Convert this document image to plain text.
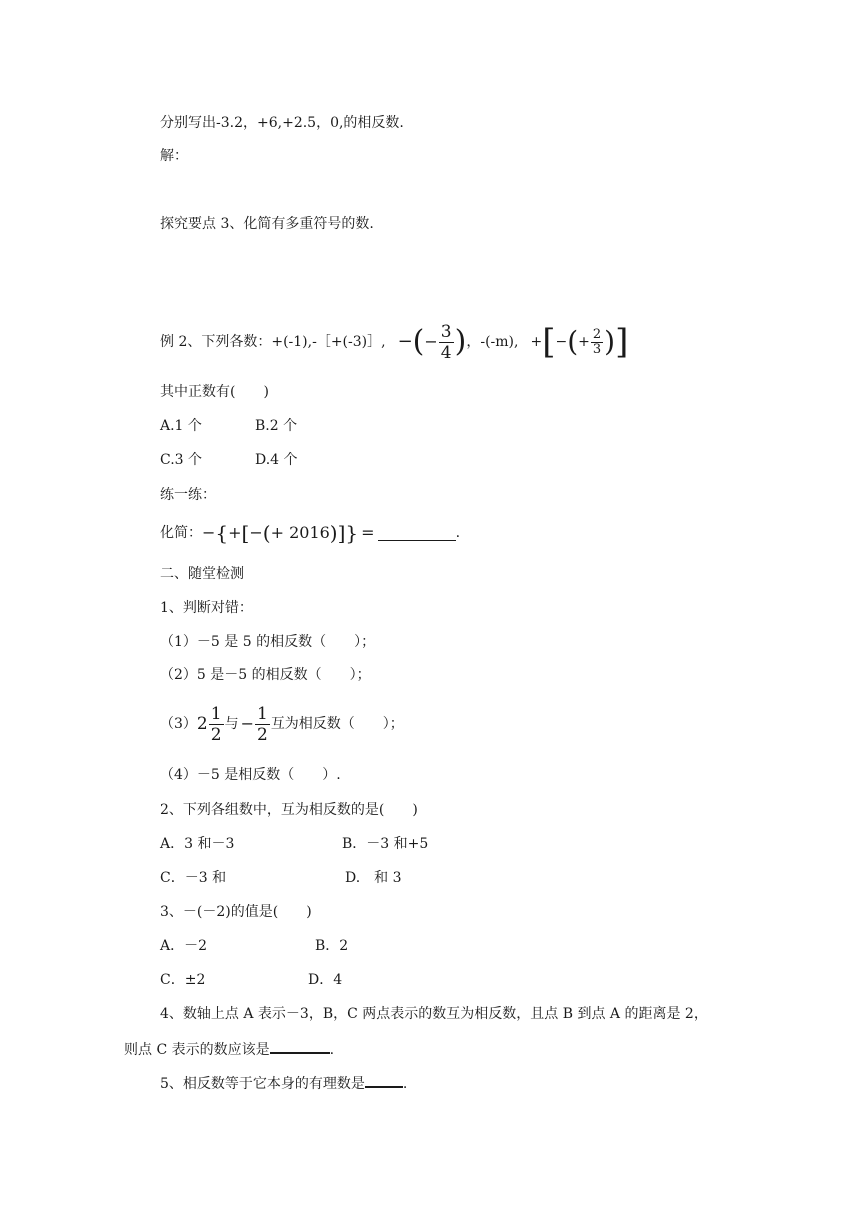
分别写出-3.2，+6,+2.5，0,的相反数.
解：
探究要点 3、化简有多重符号的数.
例 2、下列各数：+(-1),-［+(-3)］, − ( − $\frac{3}{4}$ ) ，-(-m), + [ − ( + $\frac{2}{3}$ ) ]
其中正数有(　　)
A.1 个	B.2 个
C.3 个	D.4 个
练一练：
化简： − { + [ − ( + 2016 ) ] } =	.
二、随堂检测
1、判断对错：
（1）－5 是 5 的相反数（　　）；
（2）5 是－5 的相反数（　　）；
（3） $2 \frac{1}{2}$ 与 − $\frac{1}{2}$ 互为相反数（　　）；
（4）－5 是相反数（　　）.
2、下列各组数中，互为相反数的是(　　)
A．3 和－3	B．－3 和+5
C．－3 和	D.　和 3
3、－(－2)的值是(　　)
A．－2	B．2
C．±2	D．4
4、数轴上点 A 表示－3，B，C 两点表示的数互为相反数，且点 B 到点 A 的距离是 2，
则点 C 表示的数应该是	.
5、相反数等于它本身的有理数是	.
